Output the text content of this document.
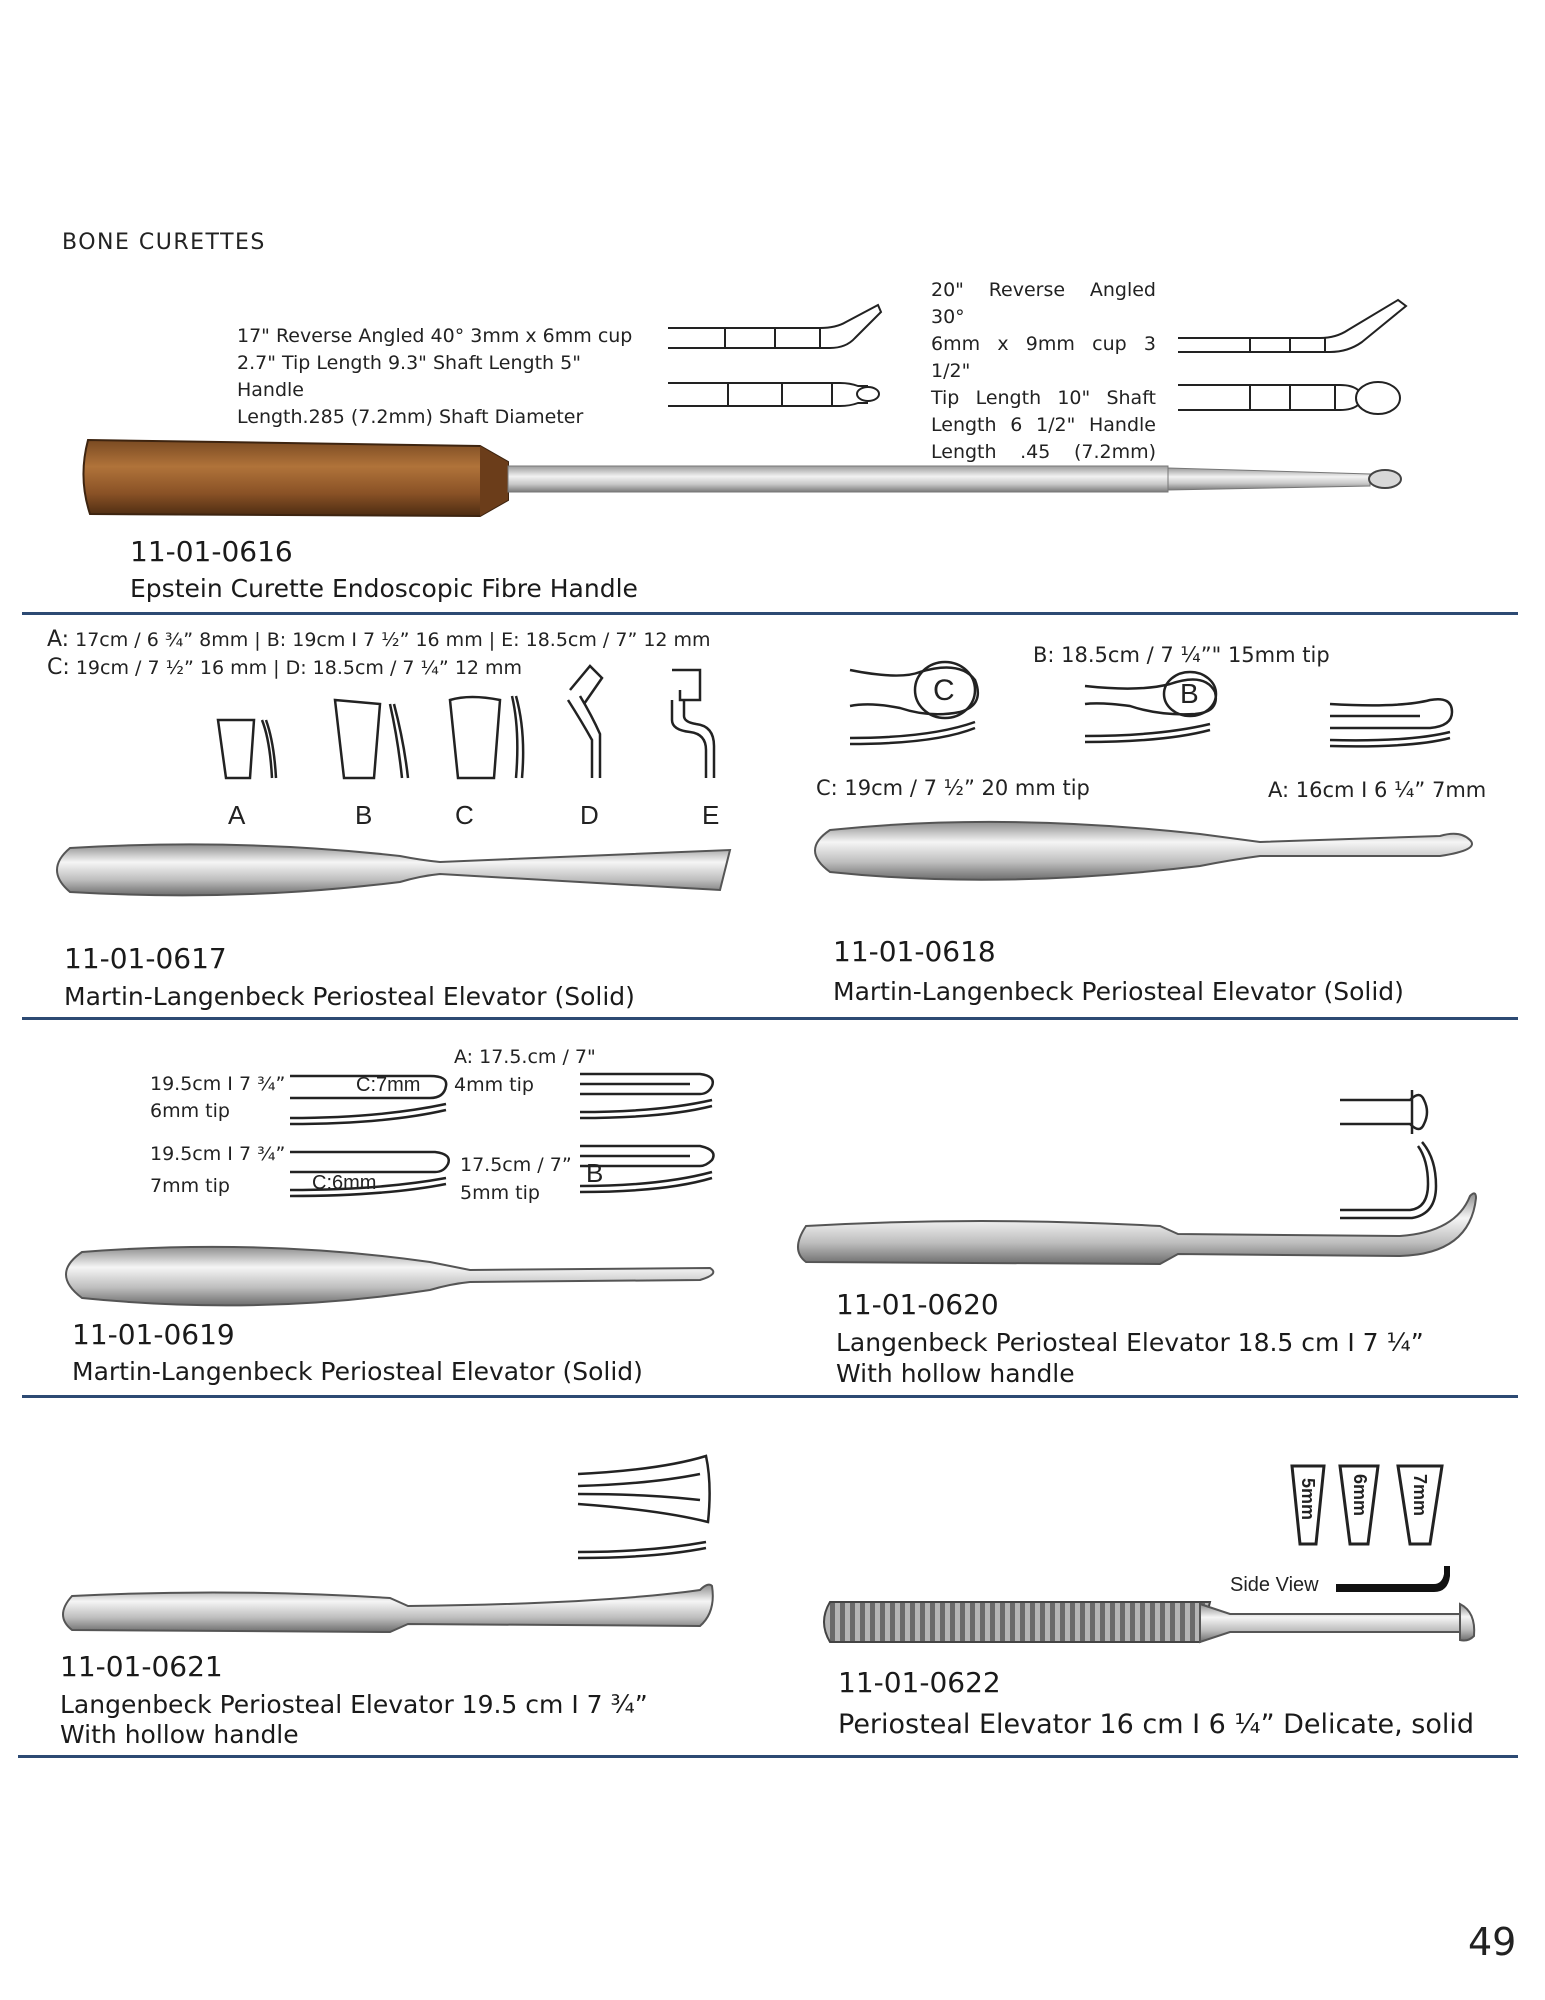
BONE CURETTES
17" Reverse Angled 40° 3mm x 6mm cup
2.7" Tip Length 9.3" Shaft Length 5" Handle
Length.285 (7.2mm) Shaft Diameter
20" Reverse Angled 30°
6mm x 9mm cup 3 1/2"
Tip Length 10" Shaft
Length 6 1/2" Handle
Length .45 (7.2mm)

11-01-0616
Epstein Curette Endoscopic Fibre Handle
A: 17cm / 6 ¾” 8mm | B: 19cm I 7 ½” 16 mm | E: 18.5cm / 7” 12 mm
C: 19cm / 7 ½” 16 mm | D: 18.5cm / 7 ¼” 12 mm
A	B	C	D	E
11-01-0617
Martin-Langenbeck Periosteal Elevator (Solid)
B: 18.5cm / 7 ¼”" 15mm tip
C	B
C: 19cm / 7 ½” 20 mm tip	A: 16cm I 6 ¼” 7mm
11-01-0618
Martin-Langenbeck Periosteal Elevator (Solid)
A: 17.5.cm / 7"
4mm tip
19.5cm I 7 ¾”
6mm tip
19.5cm I 7 ¾”
7mm tip
17.5cm / 7”
5mm tip
C:7mm
C:6mm	B
11-01-0619
Martin-Langenbeck Periosteal Elevator (Solid)
11-01-0620
Langenbeck Periosteal Elevator 18.5 cm I 7 ¼”
With hollow handle
11-01-0621
Langenbeck Periosteal Elevator 19.5 cm I 7 ¾”
With hollow handle
5mm 6mm 7mm
Side View
11-01-0622
Periosteal Elevator 16 cm I 6 ¼” Delicate, solid
49
